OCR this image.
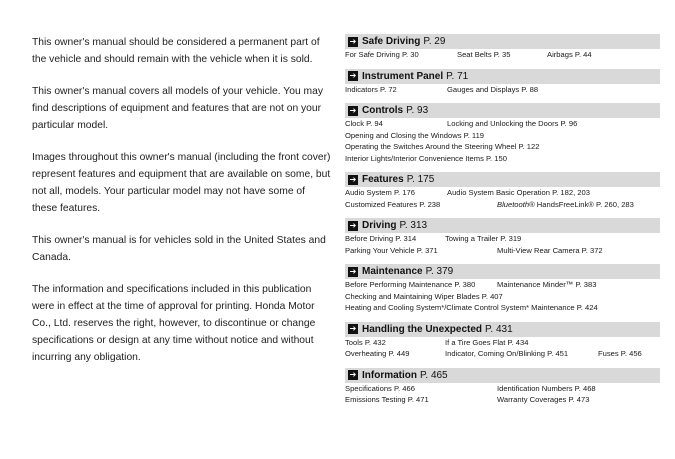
This owner's manual should be considered a permanent part of the vehicle and should remain with the vehicle when it is sold.

This owner's manual covers all models of your vehicle. You may find descriptions of equipment and features that are not on your particular model.

Images throughout this owner's manual (including the front cover) represent features and equipment that are available on some, but not all, models. Your particular model may not have some of these features.

This owner's manual is for vehicles sold in the United States and Canada.

The information and specifications included in this publication were in effect at the time of approval for printing. Honda Motor Co., Ltd. reserves the right, however, to discontinue or change specifications or design at any time without notice and without incurring any obligation.

➔ Safe Driving P. 29
For Safe Driving P. 30	Seat Belts P. 35	Airbags P. 44
➔ Instrument Panel P. 71
Indicators P. 72	Gauges and Displays P. 88
➔ Controls P. 93
Clock P. 94	Locking and Unlocking the Doors P. 96
Opening and Closing the Windows P. 119
Operating the Switches Around the Steering Wheel P. 122
Interior Lights/Interior Convenience Items P. 150
➔ Features P. 175
Audio System P. 176	Audio System Basic Operation P. 182, 203
Customized Features P. 238	Bluetooth® HandsFreeLink® P. 260, 283
➔ Driving P. 313
Before Driving P. 314	Towing a Trailer P. 319
Parking Your Vehicle P. 371	Multi-View Rear Camera P. 372
➔ Maintenance P. 379
Before Performing Maintenance P. 380	Maintenance Minder™ P. 383
Checking and Maintaining Wiper Blades P. 407
Heating and Cooling System*/Climate Control System* Maintenance P. 424
➔ Handling the Unexpected P. 431
Tools P. 432	If a Tire Goes Flat P. 434
Overheating P. 449	Indicator, Coming On/Blinking P. 451	Fuses P. 456
➔ Information P. 465
Specifications P. 466	Identification Numbers P. 468
Emissions Testing P. 471	Warranty Coverages P. 473
